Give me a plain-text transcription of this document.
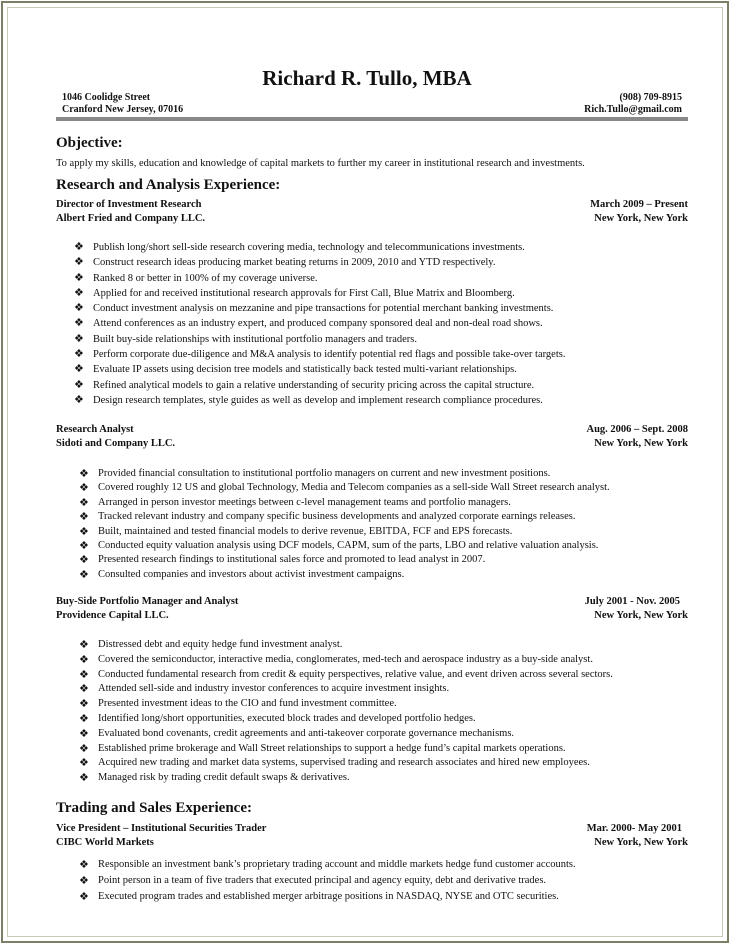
Richard R. Tullo, MBA
1046 Coolidge Street
Cranford New Jersey, 07016
(908) 709-8915
Rich.Tullo@gmail.com
Objective:
To apply my skills, education and knowledge of capital markets to further my career in institutional research and investments.
Research and Analysis Experience:
Director of Investment Research
Albert Fried and Company LLC.
March 2009 – Present
New York, New York
❖ Publish long/short sell-side research covering media, technology and telecommunications investments.
❖ Construct research ideas producing market beating returns in 2009, 2010 and YTD respectively.
❖ Ranked 8 or better in 100% of my coverage universe.
❖ Applied for and received institutional research approvals for First Call, Blue Matrix and Bloomberg.
❖ Conduct investment analysis on mezzanine and pipe transactions for potential merchant banking investments.
❖ Attend conferences as an industry expert, and produced company sponsored deal and non-deal road shows.
❖ Built buy-side relationships with institutional portfolio managers and traders.
❖ Perform corporate due-diligence and M&A analysis to identify potential red flags and possible take-over targets.
❖ Evaluate IP assets using decision tree models and statistically back tested multi-variant relationships.
❖ Refined analytical models to gain a relative understanding of security pricing across the capital structure.
❖ Design research templates, style guides as well as develop and implement research compliance procedures.
Research Analyst
Sidoti and Company LLC.
Aug. 2006 – Sept. 2008
New York, New York
❖ Provided financial consultation to institutional portfolio managers on current and new investment positions.
❖ Covered roughly 12 US and global Technology, Media and Telecom companies as a sell-side Wall Street research analyst.
❖ Arranged in person investor meetings between c-level management teams and portfolio managers.
❖ Tracked relevant industry and company specific business developments and analyzed corporate earnings releases.
❖ Built, maintained and tested financial models to derive revenue, EBITDA, FCF and EPS forecasts.
❖ Conducted equity valuation analysis using DCF models, CAPM, sum of the parts, LBO and relative valuation analysis.
❖ Presented research findings to institutional sales force and promoted to lead analyst in 2007.
❖ Consulted companies and investors about activist investment campaigns.
Buy-Side Portfolio Manager and Analyst
Providence Capital LLC.
July 2001 - Nov. 2005
New York, New York
❖ Distressed debt and equity hedge fund investment analyst.
❖ Covered the semiconductor, interactive media, conglomerates, med-tech and aerospace industry as a buy-side analyst.
❖ Conducted fundamental research from credit & equity perspectives, relative value, and event driven across several sectors.
❖ Attended sell-side and industry investor conferences to acquire investment insights.
❖ Presented investment ideas to the CIO and fund investment committee.
❖ Identified long/short opportunities, executed block trades and developed portfolio hedges.
❖ Evaluated bond covenants, credit agreements and anti-takeover corporate governance mechanisms.
❖ Established prime brokerage and Wall Street relationships to support a hedge fund’s capital markets operations.
❖ Acquired new trading and market data systems, supervised trading and research associates and hired new employees.
❖ Managed risk by trading credit default swaps & derivatives.
Trading and Sales Experience:
Vice President – Institutional Securities Trader
CIBC World Markets
Mar. 2000- May 2001
New York, New York
❖ Responsible an investment bank’s proprietary trading account and middle markets hedge fund customer accounts.
❖ Point person in a team of five traders that executed principal and agency equity, debt and derivative trades.
❖ Executed program trades and established merger arbitrage positions in NASDAQ, NYSE and OTC securities.
